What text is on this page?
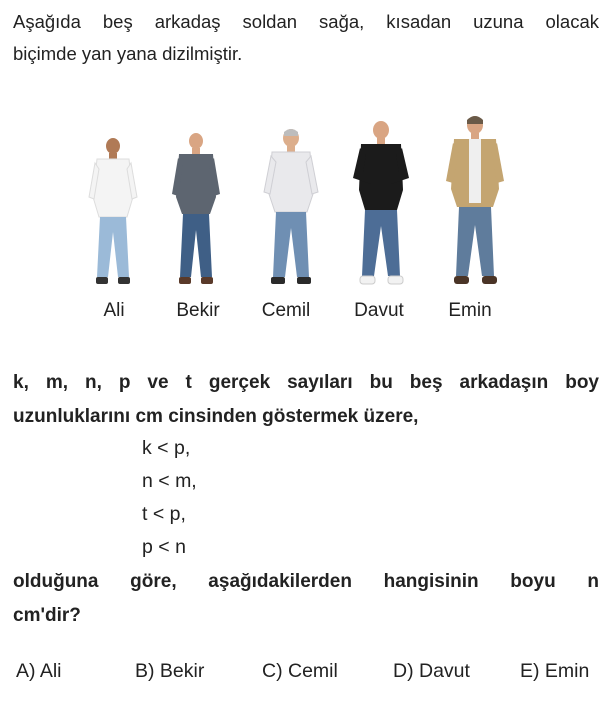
Aşağıda beş arkadaş soldan sağa, kısadan uzuna olacak
biçimde yan yana dizilmiştir.

Ali	Bekir Cemil Davut Emin

k, m, n, p ve t gerçek sayıları bu beş arkadaşın boy
uzunluklarını cm cinsinden göstermek üzere,

k < p,
n < m,
t < p,
p < n

olduğuna göre, aşağıdakilerden hangisinin boyu n
cm'dir?

A) Ali	B) Bekir	C) Cemil	D) Davut	E) Emin
